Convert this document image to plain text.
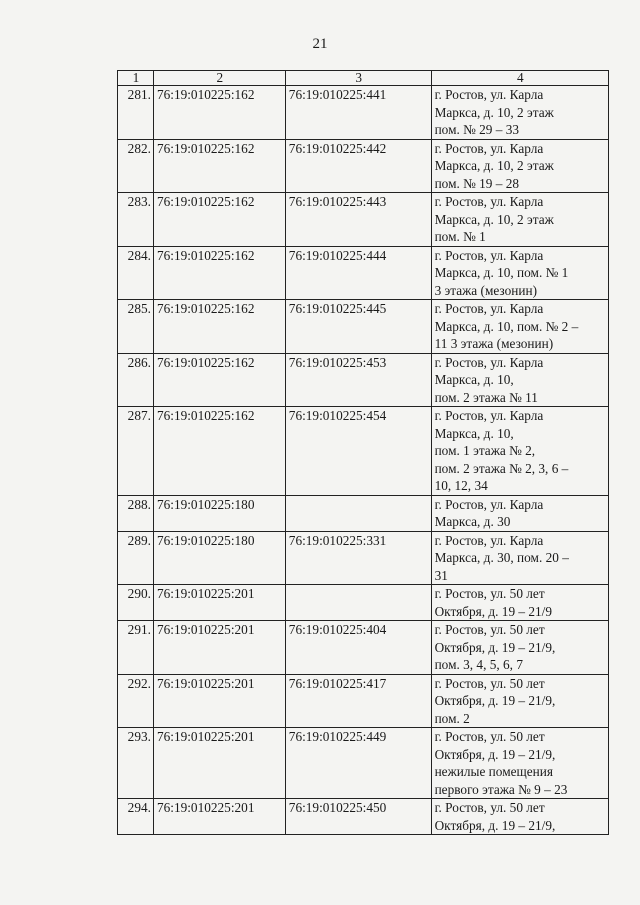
21
1	2	3	4
281.	76:19:010225:162	76:19:010225:441	г. Ростов, ул. Карла
Маркса, д. 10, 2 этаж
пом. № 29 – 33

282.	76:19:010225:162	76:19:010225:442	г. Ростов, ул. Карла
Маркса, д. 10, 2 этаж
пом. № 19 – 28

283.	76:19:010225:162	76:19:010225:443	г. Ростов, ул. Карла
Маркса, д. 10, 2 этаж
пом. № 1

284.	76:19:010225:162	76:19:010225:444	г. Ростов, ул. Карла
Маркса, д. 10, пом. № 1
3 этажа (мезонин)

285.	76:19:010225:162	76:19:010225:445	г. Ростов, ул. Карла
Маркса, д. 10, пом. № 2 –
11 3 этажа (мезонин)

286.	76:19:010225:162	76:19:010225:453	г. Ростов, ул. Карла
Маркса, д. 10,
пом. 2 этажа № 11

287.	76:19:010225:162	76:19:010225:454	г. Ростов, ул. Карла
Маркса, д. 10,
пом. 1 этажа № 2,
пом. 2 этажа № 2, 3, 6 –
10, 12, 34

288.	76:19:010225:180		г. Ростов, ул. Карла
Маркса, д. 30

289.	76:19:010225:180	76:19:010225:331	г. Ростов, ул. Карла
Маркса, д. 30, пом. 20 –
31

290.	76:19:010225:201		г. Ростов, ул. 50 лет
Октября, д. 19 – 21/9

291.	76:19:010225:201	76:19:010225:404	г. Ростов, ул. 50 лет
Октября, д. 19 – 21/9,
пом. 3, 4, 5, 6, 7

292.	76:19:010225:201	76:19:010225:417	г. Ростов, ул. 50 лет
Октября, д. 19 – 21/9,
пом. 2

293.	76:19:010225:201	76:19:010225:449	г. Ростов, ул. 50 лет
Октября, д. 19 – 21/9,
нежилые помещения
первого этажа № 9 – 23

294.	76:19:010225:201	76:19:010225:450	г. Ростов, ул. 50 лет
Октября, д. 19 – 21/9,
